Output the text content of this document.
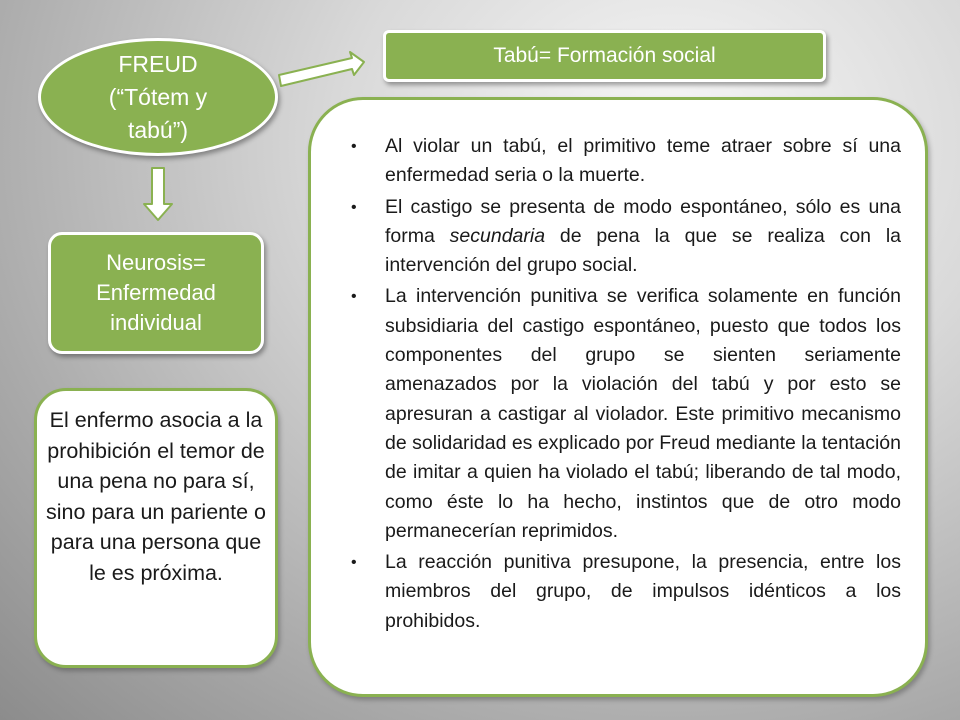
FREUD
(“Tótem y
tabú”)
Tabú= Formación social
Neurosis=
Enfermedad
individual
El enfermo asocia a la prohibición el temor de una pena no para sí, sino para un pariente o para una persona que le es próxima.
• Al violar un tabú, el primitivo teme atraer sobre sí una enfermedad seria o la muerte.
• El castigo se presenta de modo espontáneo, sólo es una forma secundaria de pena la que se realiza con la intervención del grupo social.
• La intervención punitiva se verifica solamente en función subsidiaria del castigo espontáneo, puesto que todos los componentes del grupo se sienten seriamente amenazados por la violación del tabú y por esto se apresuran a castigar al violador. Este primitivo mecanismo de solidaridad es explicado por Freud mediante la tentación de imitar a quien ha violado el tabú; liberando de tal modo, como éste lo ha hecho, instintos que de otro modo permanecerían reprimidos.
• La reacción punitiva presupone, la presencia, entre los miembros del grupo, de impulsos idénticos a los prohibidos.
